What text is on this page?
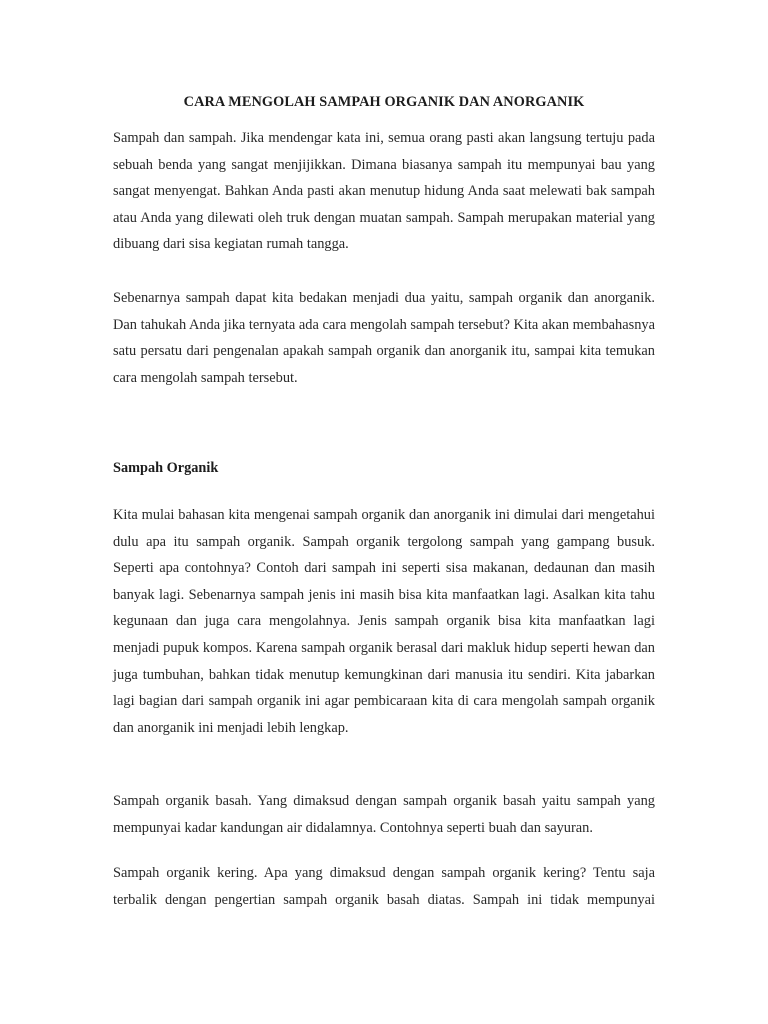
CARA MENGOLAH SAMPAH ORGANIK DAN ANORGANIK

Sampah dan sampah. Jika mendengar kata ini, semua orang pasti akan langsung tertuju pada sebuah benda yang sangat menjijikkan. Dimana biasanya sampah itu mempunyai bau yang sangat menyengat. Bahkan Anda pasti akan menutup hidung Anda saat melewati bak sampah atau Anda yang dilewati oleh truk dengan muatan sampah. Sampah merupakan material yang dibuang dari sisa kegiatan rumah tangga.

Sebenarnya sampah dapat kita bedakan menjadi dua yaitu, sampah organik dan anorganik. Dan tahukah Anda jika ternyata ada cara mengolah sampah tersebut? Kita akan membahasnya satu persatu dari pengenalan apakah sampah organik dan anorganik itu, sampai kita temukan cara mengolah sampah tersebut.

Sampah Organik

Kita mulai bahasan kita mengenai sampah organik dan anorganik ini dimulai dari mengetahui dulu apa itu sampah organik. Sampah organik tergolong sampah yang gampang busuk. Seperti apa contohnya? Contoh dari sampah ini seperti sisa makanan, dedaunan dan masih banyak lagi. Sebenarnya sampah jenis ini masih bisa kita manfaatkan lagi. Asalkan kita tahu kegunaan dan juga cara mengolahnya. Jenis sampah organik bisa kita manfaatkan lagi menjadi pupuk kompos. Karena sampah organik berasal dari makluk hidup seperti hewan dan juga tumbuhan, bahkan tidak menutup kemungkinan dari manusia itu sendiri. Kita jabarkan lagi bagian dari sampah organik ini agar pembicaraan kita di cara mengolah sampah organik dan anorganik ini menjadi lebih lengkap.

Sampah organik basah. Yang dimaksud dengan sampah organik basah yaitu sampah yang mempunyai kadar kandungan air didalamnya. Contohnya seperti buah dan sayuran.

Sampah organik kering. Apa yang dimaksud dengan sampah organik kering? Tentu saja terbalik dengan pengertian sampah organik basah diatas. Sampah ini tidak mempunyai
